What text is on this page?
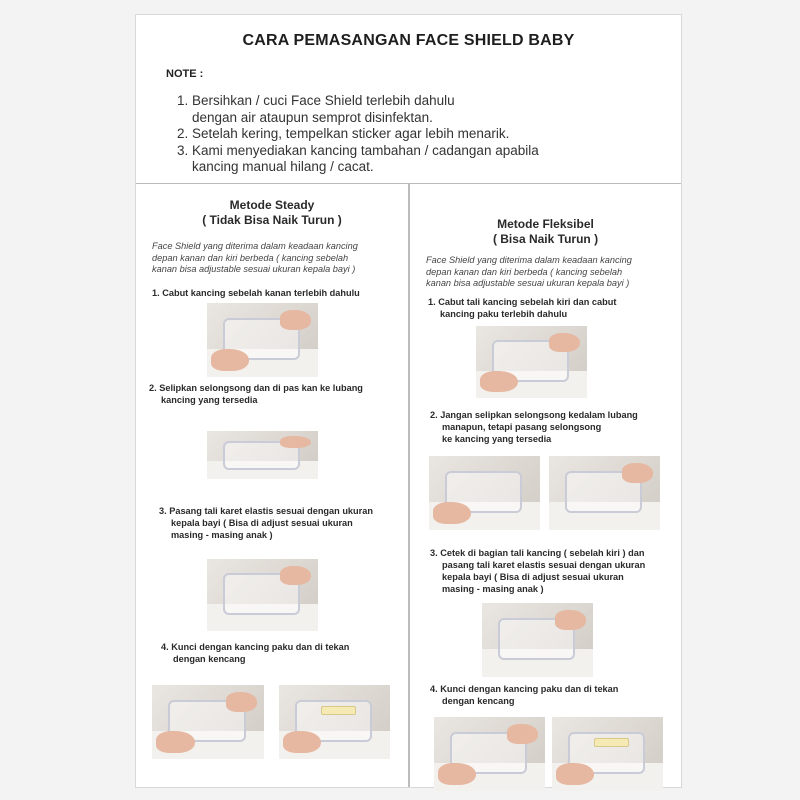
CARA PEMASANGAN FACE SHIELD BABY
NOTE :
1. Bersihkan / cuci Face Shield terlebih dahulu
dengan air ataupun semprot disinfektan.
2. Setelah kering, tempelkan sticker agar lebih menarik.
3. Kami menyediakan kancing tambahan / cadangan apabila
kancing manual hilang / cacat.
Metode Steady
( Tidak Bisa Naik Turun )
Face Shield yang diterima dalam keadaan kancing
depan kanan dan kiri berbeda ( kancing sebelah
kanan bisa adjustable sesuai ukuran kepala bayi )
1. Cabut kancing sebelah kanan terlebih dahulu
2. Selipkan selongsong dan di pas kan ke lubang
kancing yang tersedia
3. Pasang tali karet elastis sesuai dengan ukuran
kepala bayi ( Bisa di adjust sesuai ukuran
masing - masing anak )
4. Kunci dengan kancing paku dan di tekan
dengan kencang
Metode Fleksibel
( Bisa Naik Turun )
Face Shield yang diterima dalam keadaan kancing
depan kanan dan kiri berbeda ( kancing sebelah
kanan bisa adjustable sesuai ukuran kepala bayi )
1. Cabut tali kancing sebelah kiri dan cabut
kancing paku terlebih dahulu
2. Jangan selipkan selongsong kedalam lubang
manapun, tetapi pasang selongsong
ke kancing yang tersedia
3. Cetek di bagian tali kancing ( sebelah kiri ) dan
pasang tali karet elastis sesuai dengan ukuran
kepala bayi ( Bisa di adjust sesuai ukuran
masing - masing anak )
4. Kunci dengan kancing paku dan di tekan
dengan kencang
